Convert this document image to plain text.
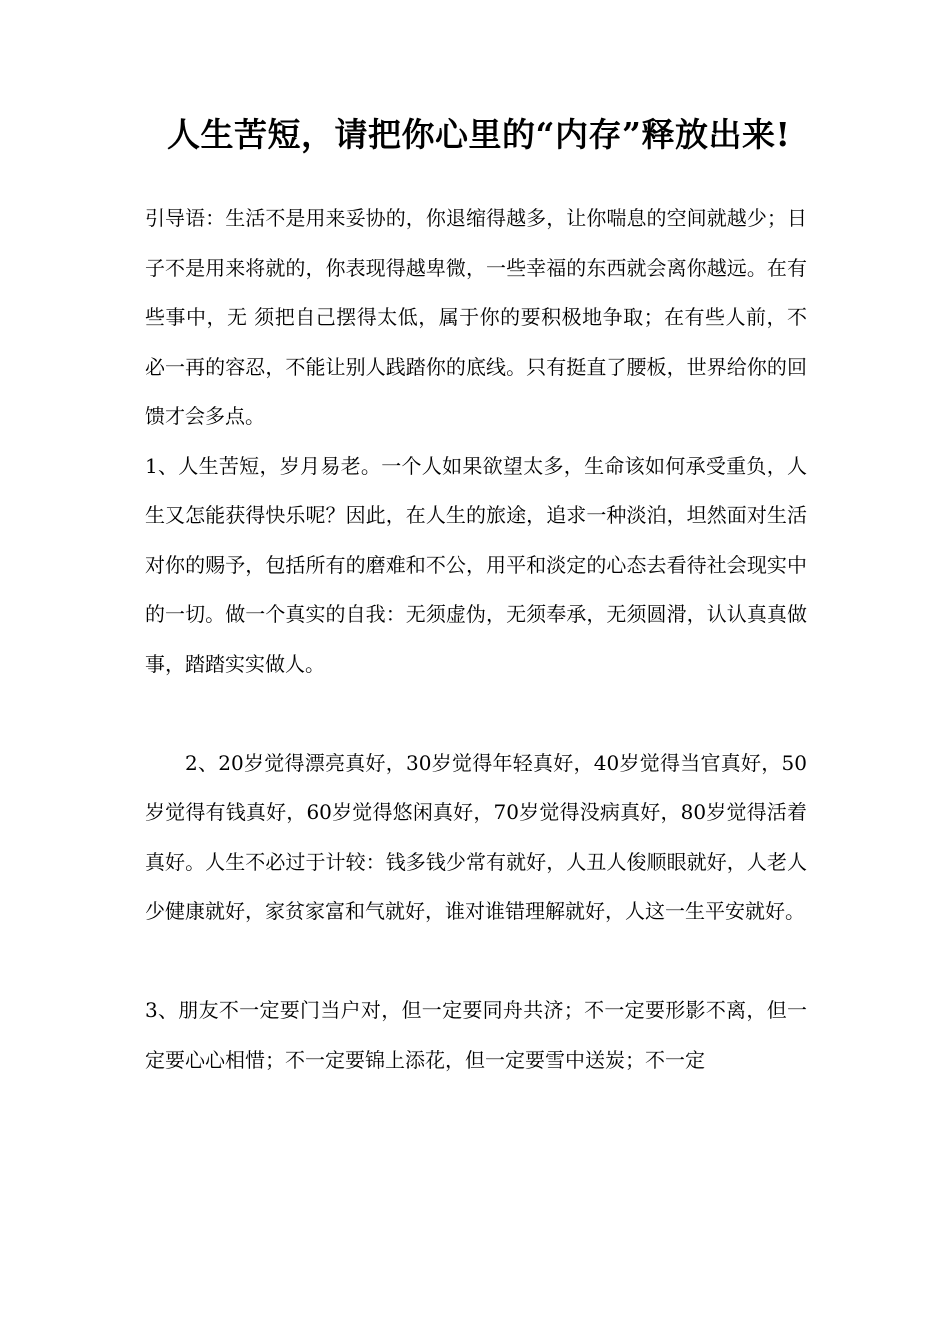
人生苦短，请把你心里的“内存”释放出来!

引导语：生活不是用来妥协的，你退缩得越多，让你喘息的空间就越少；日子不是用来将就的，你表现得越卑微，一些幸福的东西就会离你越远。在有些事中，无 须把自己摆得太低，属于你的要积极地争取；在有些人前，不必一再的容忍，不能让别人践踏你的底线。只有挺直了腰板，世界给你的回馈才会多点。

1、人生苦短，岁月易老。一个人如果欲望太多，生命该如何承受重负，人生又怎能获得快乐呢？因此，在人生的旅途，追求一种淡泊，坦然面对生活对你的赐予，包括所有的磨难和不公，用平和淡定的心态去看待社会现实中的一切。做一个真实的自我：无须虚伪，无须奉承，无须圆滑，认认真真做事，踏踏实实做人。

2、20岁觉得漂亮真好，30岁觉得年轻真好，40岁觉得当官真好，50岁觉得有钱真好，60岁觉得悠闲真好，70岁觉得没病真好，80岁觉得活着真好。人生不必过于计较：钱多钱少常有就好，人丑人俊顺眼就好，人老人少健康就好，家贫家富和气就好，谁对谁错理解就好，人这一生平安就好。

3、朋友不一定要门当户对，但一定要同舟共济；不一定要形影不离，但一定要心心相惜；不一定要锦上添花，但一定要雪中送炭；不一定
